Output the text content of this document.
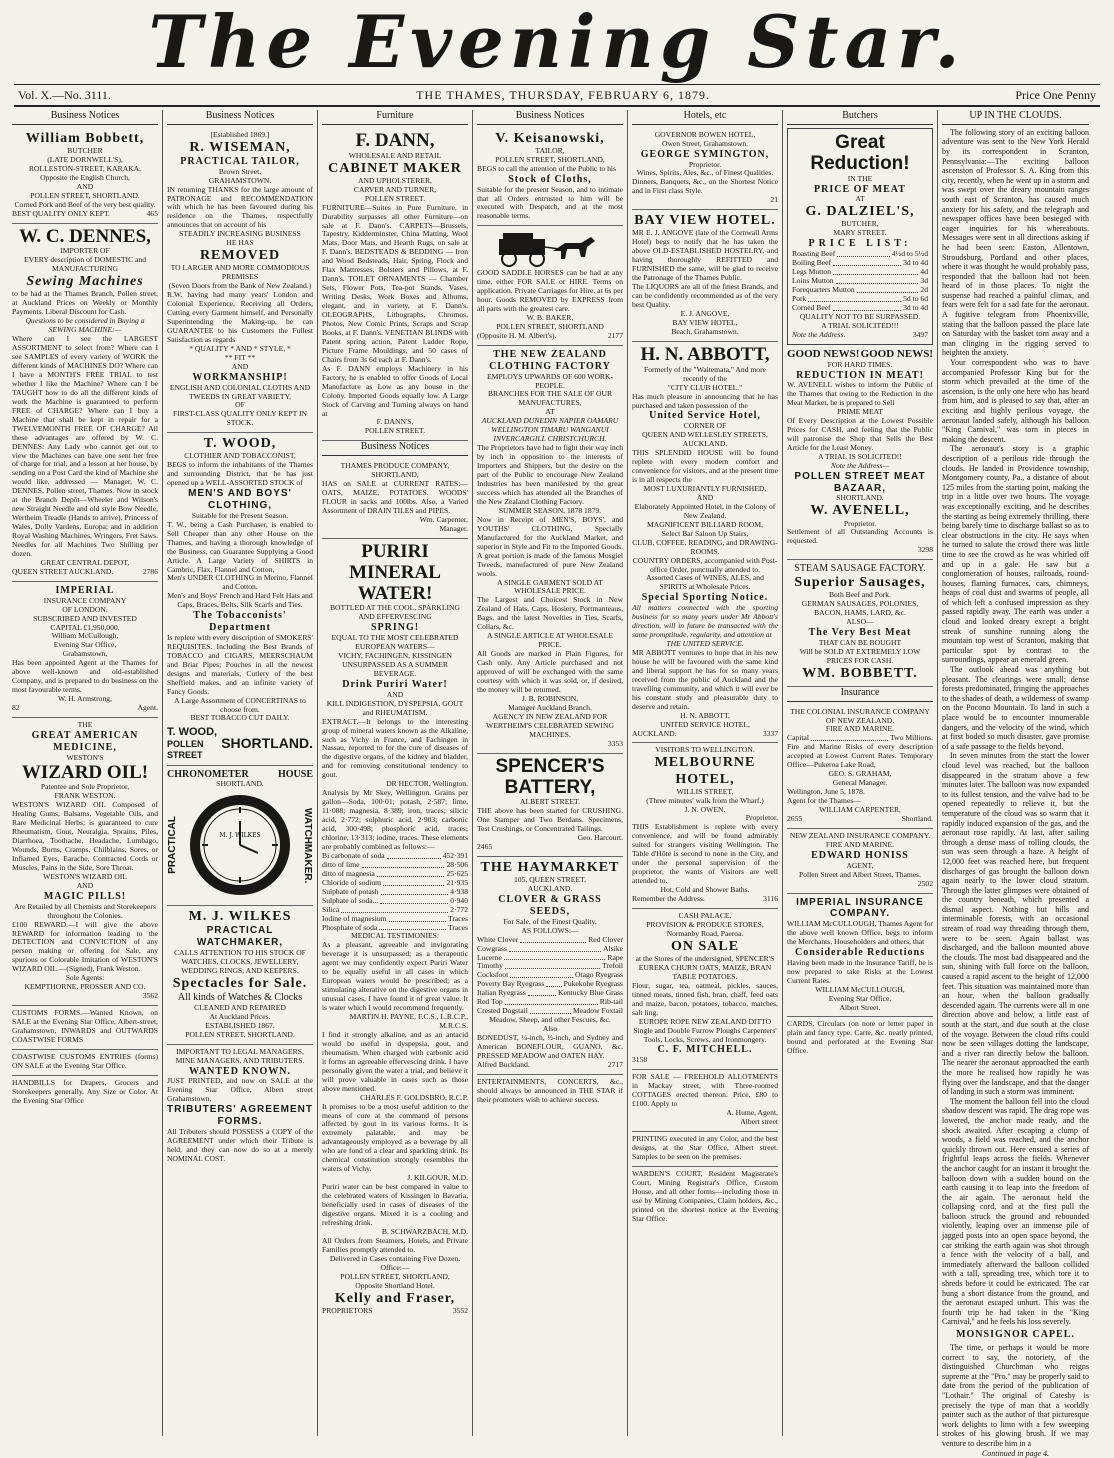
The Evening Star.
Vol. X.—No. 3111.	THE THAMES, THURSDAY, FEBRUARY 6, 1879.	Price One Penny
Business Notices
William Bobbett,
BUTCHER
(LATE DORNWELL'S),
ROLLESTON-STREET, KARAKA,
Opposite the English Church,
AND
POLLEN STREET, SHORTLAND.
Corned Pork and Beef of the very best quality.
BEST QUALITY ONLY KEPT.	465
W. C. DENNES,
IMPORTER OF
EVERY description of DOMESTIC and MANUFACTURING
Sewing Machines
to be had at the Thames Branch, Pollen street, at Auckland Prices on Weekly or Monthly Payments. Liberal Discount for Cash.
Questions to be considered in Buying a SEWING MACHINE:—
Where can I see the LARGEST ASSORTMENT to select from? Where can I see SAMPLES of every variety of WORK the different kinds of MACHINES DO? Where can I have a MONTH'S FREE TRIAL to test whether I like the Machine? Where can I be TAUGHT how to do all the different kinds of work the Machine is guaranteed to perform FREE of CHARGE? Where can I buy a Machine that shall be kept in repair for a TWELVEMONTH FREE OF CHARGE? All these advantages are offered by W. C. DENNES: Any Lady who cannot get out to view the Machines can have one sent her free of charge for trial, and a lesson at her house, by sending on a Post Card the kind of Machine she would like, addressed — Manager, W. C. DENNES, Pollen street, Thames. Now in stock at the Branch Depôt—Wheeler and Wilson's new Straight Needle and old style Bow Needle, Wertheim Treadle (Hands to arrive), Princess of Wales, Dolly Vardens, Europa; and in addition Royal Washing Machines, Wringers, Fret Saws. Needles for all Machines Two Shilling per dozen.
GREAT CENTRAL DEPOT,
QUEEN STREET AUCKLAND.	2786
IMPERIAL
INSURANCE COMPANY
OF LONDON.
SUBSCRIBED AND INVESTED
CAPITAL £1,950,000.
William McCullough,
Evening Star Office,
Grahamstown,
Has been appointed Agent at the Thames for above well-known and old-established Company, and is prepared to do business on the most favourable terms.
W. H. Armstrong,
82	Agent.
THE
GREAT AMERICAN MEDICINE,
WESTON'S
WIZARD OIL!
Patentee and Sole Proprietor,
FRANK WESTON.
WESTON'S WIZARD OIL Composed of Healing Gums, Balsams, Vegetable Oils, and Rare Medicinal Herbs; is guaranteed to cure Rheumatism, Gout, Neuralgia, Sprains, Piles, Diarrhoea, Toothache, Headache, Lumbago, Wounds, Burns, Cramps, Chilblains, Sores, or Inflamed Eyes, Earache, Contracted Cords or Muscles, Pains in the Side, Sore Throat.
WESTON'S WIZARD OIL
AND
MAGIC PILLS!
Are Retailed by all Chemists and Storekeepers throughout the Colonies.
£100 REWARD.—I will give the above REWARD for information leading to the DETECTION and CONVICTION of any person making or offering for Sale, any spurious or Colorable Imitation of WESTON'S WIZARD OIL.—(Signed), Frank Weston.
Sole Agents:
KEMPTHORNE, PROSSER AND CO.
3562
CUSTOMS FORMS.—Wanted Known, on SALE at the Evening Star Office, Albert-street, Grahamstown, INWARDS and OUTWARDS COASTWISE FORMS
COASTWISE CUSTOMS ENTRIES (forms) ON SALE at the Evening Star Office.
HANDBILLS for Drapers, Grocers and Storekeepers generally. Any Size or Color. At the Evening Star Office
Business Notices
[Established 1869.]
R. WISEMAN,
PRACTICAL TAILOR,
Brown Street,
GRAHAMSTOWN.
IN returning THANKS for the large amount of PATRONAGE and RECOMMENDATION with which he has been favoured during his residence on the Thames, respectfully announces that on account of his
STEADILY INCREASING BUSINESS
HE HAS
REMOVED
TO LARGER AND MORE COMMODIOUS PREMISES
(Seven Doors from the Bank of New Zealand.)
R.W. having had many years' London and Colonial Experience, Receiving all Orders, Cutting every Garment himself, and Personally Superintending the Making-up, he can GUARANTEE to his Customers the Fullest Satisfaction as regards
* QUALITY * AND * STYLE, *
** FIT **
AND
WORKMANSHIP!
ENGLISH AND COLONIAL CLOTHS AND TWEEDS IN GREAT VARIETY,
OF
FIRST-CLASS QUALITY ONLY KEPT IN STOCK.
T. WOOD,
CLOTHIER AND TOBACCONIST,
BEGS to inform the inhabitants of the Thames and surrounding District, that he has just opened up a WELL-ASSORTED STOCK of
MEN'S AND BOYS' CLOTHING,
Suitable for the Present Season.
T. W., being a Cash Purchaser, is enabled to Sell Cheaper than any other House on the Thames, and having a thorough knowledge of the Business, can Guarantee Supplying a Good Article. A Large Variety of SHIRTS in Cambric, Flax, Flannel and Cotton,
Men's UNDER CLOTHING in Merino, Flannel and Cotton.
Men's and Boys' French and Hard Felt Hats and Caps, Braces, Belts, Silk Scarfs and Ties.
The Tobacconists' Department
Is replete with every description of SMOKERS' REQUISITES. Including the Best Brands of TOBACCO and CIGARS, MEERSCHAUM and Briar Pipes; Pouches in all the newest designs and materials, Cutlery of the best Sheffield makes, and an infinite variety of Fancy Goods.
A Large Assortment of CONCERTINAS to choose from.
BEST TOBACCO CUT DAILY.
T. WOOD,
POLLEN STREET
SHORTLAND.
CHRONOMETER	HOUSE
SHORTLAND.
PRACTICAL	M. J. WILKES	WATCHMAKER.
M. J. WILKES
PRACTICAL WATCHMAKER,
CALLS ATTENTION TO HIS STOCK OF
WATCHES, CLOCKS, JEWELLERY, WEDDING RINGS, AND KEEPERS.
Spectacles for Sale.
All kinds of Watches & Clocks
CLEANED AND REPAIRED
At Auckland Prices.
ESTABLISHED 1867.
POLLEN STREET, SHORTLAND.
IMPORTANT TO LEGAL MANAGERS, MINE MANAGERS, AND TRIBUTERS.
WANTED KNOWN.
JUST PRINTED, and now on SALE at the Evening Star Office, Albert street Grahamstown,
TRIBUTERS' AGREEMENT FORMS.
All Tributers should POSSESS a COPY of the AGREEMENT under which their Tribute is held, and they can now do so at a merely NOMINAL COST.
Furniture
F. DANN,
WHOLESALE AND RETAIL
CABINET MAKER
AND UPHOLSTERER,
CARVER AND TURNER,
POLLEN STREET.
FURNITURE—Suites in Pure Furniture, in Durability surpasses all other Furniture—on sale at F. Dann's. CARPETS—Brussels, Tapestry, Kidderminster, China Matting, Wool Mats, Door Mats, and Hearth Rugs, on sale at F. Dann's. BEDSTEADS & BEDDING — Iron and Wood Bedsteads, Hair, Spring, Flock and Flax Mattresses, Bolsters and Pillows, at F. Dann's. TOILET ORNAMENTS — Chamber Sets, Flower Pots, Tea-pot Stands, Vases, Writing Desks, Work Boxes and Albums, elegant, and in variety, at F. Dann's. OLEOGRAPHS, Lithographs, Chromos, Photos, New Comic Prints, Scraps and Scrap Books, at F. Dann's. VENETIAN BLINDS with Patent spring action, Patent Ladder Rope, Picture Frame Mouldings, and 50 cases of Chairs from 3s 6d each at F. Dann's.
As F. DANN employs Machinery in his Factory, he is enabled to offer Goods of Local Manufacture as Low as any house in the Colony. Imported Goods equally low. A Large Stock of Carving and Turning always on hand at
F. DANN'S,
POLLEN STREET.
Business Notices
THAMES PRODUCE COMPANY,
SHORTLAND,
HAS on SALE at CURRENT RATES:— OATS, MAIZE, POTATOES. WOODS' FLOUR in sacks and 100lbs. Also, a Varied Assortment of DRAIN TILES and PIPES.
Wm. Carpenter,
Manager.
PURIRI MINERAL
WATER!
BOTTLED AT THE COOL, SPARKLING AND EFFERVESCING
SPRING!
EQUAL TO THE MOST CELEBRATED EUROPEAN WATERS—
VICHY, FACHINGEN, KISSINGEN
UNSURPASSED AS A SUMMER BEVERAGE.
Drink Puriri Water!
AND
KILL INDIGESTION, DYSPEPSIA, GOUT and RHEUMATISM.
EXTRACT.—It belongs to the interesting group of mineral waters known as the Alkaline, such as Vichy in France, and Fachingen in Nassau, reported to for the cure of diseases of the digestive organs, of the kidney and bladder, and for removing constitutional tendency to gout.
DR HECTOR, Wellington.
Analysis by Mr Skey, Wellington. Grains per gallon—Soda, 100·01; potash, 2·587; lime, 11·088; magnesia, 8·389; iron, traces; silicic acid, 2·772; sulphuric acid, 2·903; carbonic acid, 300·498; phosphoric acid, traces; chlorine, 13·313; iodine, traces. These elements are probably combined as follows:—
Bi carbonate of soda	452·391
ditto of lime	28·506
ditto of magnesia	25·625
Chloride of sodium	21·935
Sulphate of potash	4·938
Sulphate of soda...	0·940
Silica	2·772
Iodine of magnesium	Traces
Phosphate of soda	Traces
MEDICAL TESTIMONIES:
As a pleasant, agreeable and invigorating beverage it is unsurpassed; as a therapeutic agent we may confidently expect Puriri Water to be equally useful in all cases in which European waters would be prescribed; as a stimulating alterative on the digestive organs in unusual cases, I have found it of great value. It is water which I would recommend frequently.
MARTIN H. PAYNE, F.C.S., L.R.C.P., M.R.C.S.
I find it strongly alkaline, and as an antacid would be useful in dyspepsia, gout, and rheumatism. When charged with carbonic acid it forms an agreeable effervescing drink. I have personally given the water a trial, and believe it will prove valuable in cases such as those above mentioned.
CHARLES F. GOLDSBRO, R.C.P.
It promises to be a most useful addition to the means of cure at the command of persons affected by gout in its various forms. It is extremely palatable, and may be advantageously employed as a beverage by all who are fond of a clear and sparkling drink. Its chemical constitution strongly resembles the waters of Vichy.
J. KILGOUR, M.D.
Puriri water can be best compared in value to the celebrated waters of Kissingen in Bavaria, beneficially used in cases of diseases of the digestive organs. Mixed it is a cooling and refreshing drink.
B. SCHWARZBACH, M.D.
All Orders from Steamers, Hotels, and Private Families promptly attended to.
Delivered in Cases containing Five Dozen.
Office:—
POLLEN STREET, SHORTLAND,
Opposite Shortland Hotel.
Kelly and Fraser,
PROPRIETORS	3552
Business Notices
V. Keisanowski,
TAILOR,
POLLEN STREET, SHORTLAND,
BEGS to call the attention of the Public to his
Stock of Cloths,
Suitable for the present Season, and to intimate that all Orders entrusted to him will be executed with Despatch, and at the most reasonable terms.
GOOD SADDLE HORSES can be had at any time, either FOR SALE or HIRE. Terms on application. Private Carriages for Hire, at 6s per hour. Goods REMOVED by EXPRESS from all parts with the greatest care.
W. B. BAKER,
POLLEN STREET, SHORTLAND
(Opposite H. M. Albert's).	2177
THE NEW ZEALAND
CLOTHING FACTORY
EMPLOYS UPWARDS OF 600 WORK-PEOPLE.
BRANCHES FOR THE SALE OF OUR MANUFACTURES,
AT
AUCKLAND DUNEDIN NAPIER OAMARU WELLINGTON TIMARU WANGANUI INVERCARGILL CHRISTCHURCH.
The Proprietors have had to fight their way inch by inch in opposition to the interests of Importers and Shippers, but the desire on the part of the Public to encourage New Zealand Industries has been manifested by the great success which has attended all the Branches of the New Zealand Clothing Factory.
SUMMER SEASON, 1878 1879.
Now in Receipt of MEN'S, BOYS', and YOUTHS' CLOTHING, Specially Manufactured for the Auckland Market, and superior in Style and Fit to the Imported Goods. A great portion is made of the famous Mosgiel Tweeds, manufactured of pure New Zealand wools.
A SINGLE GARMENT SOLD AT WHOLESALE PRICE.
The Largest and Choicest Stock in New Zealand of Hats, Caps, Hosiery, Portmanteaus, Bags, and the latest Novelties in Ties, Scarfs, Collars, &c.
A SINGLE ARTICLE AT WHOLESALE PRICE.
All Goods are marked in Plain Figures, for Cash only. Any Article purchased and not approved of will be exchanged with the same courtesy with which it was sold, or, if desired, the money will be returned.
J. B. ROBINSON,
Manager Auckland Branch.
AGENCY IN NEW ZEALAND FOR WERTHEIM'S CELEBRATED SEWING MACHINES.
3353
SPENCER'S
BATTERY,
ALBERT STREET.
THE above has been started for CRUSHING. One Stamper and Two Berdans. Specimens, Test Crushings, or Concentrated Tailings.
Geo. Harcourt.
2465
THE HAYMARKET
105, QUEEN STREET,
AUCKLAND.
CLOVER & GRASS SEEDS,
For Sale, of the Finest Quality,
AS FOLLOWS:—
White Clover	Red Clover
Cowgrass	Alsike
Lucerne	Rape
Timothy	Trefoil
Cocksfoot	Otago Ryegrass
Poverty Bay Ryegrass	Pukekohe Ryegrass
Italian Ryegrass	Kentucky Blue Grass
Red Top	Rib-tail
Crested Dogstail	Meadow Foxtail
Meadow, Sheep, and other Fescues, &c.
Also
BONEDUST, ¼-inch, ½-inch, and Sydney and American BONEFLOUR, GUANO, &c. PRESSED MEADOW and OATEN HAY.
Alfred Buckland.	2717
ENTERTAINMENTS, CONCERTS, &c., should always be announced in THE STAR if their promoters wish to achieve success.
Hotels, etc
GOVERNOR BOWEN HOTEL,
Owen Street, Grahamstown.
GEORGE SYMINGTON,
Proprietor.
Wines, Spirits, Ales, &c., of Finest Qualities.
Dinners, Banquets, &c., on the Shortest Notice and in First class Style.
21
BAY VIEW HOTEL.
MR E. J. ANGOVE (late of the Cornwall Arms Hotel) begs to notify that he has taken the above OLD-ESTABLISHED HOSTELRY, and having thoroughly REFITTED and FURNISHED the same, will be glad to receive the Patronage of the Thames Public.
The LIQUORS are all of the finest Brands, and can be confidently recommended as of the very best Quality.
E. J. ANGOVE,
BAY VIEW HOTEL,
Beach, Grahamstown.
H. N. ABBOTT,
Formerly of the "Waitemata," And more recently of the
"CITY CLUB HOTEL."
Has much pleasure in announcing that he has purchased and taken possession of the
United Service Hotel,
CORNER OF
QUEEN AND WELLESLEY STREETS,
AUCKLAND.
THIS SPLENDID HOUSE will be found replete with every modern comfort and convenience for visitors, and at the present time is in all respects the
MOST LUXURIANTLY FURNISHED,
AND
Elaborately Appointed Hotel, in the Colony of New Zealand.
MAGNIFICENT BILLIARD ROOM,
Select Bar Saloon Up Stairs,
CLUB, COFFEE, READING, and DRAWING-ROOMS.
COUNTRY ORDERS, accompanied with Post-office Order, punctually attended to.
Assorted Cases of WINES, ALES, and SPIRITS at Wholesale Prices.
Special Sporting Notice.
All matters connected with the sporting business for so many years under Mr Abbott's direction, will in future be transacted with the same promptitude, regularity, and attention at
THE UNITED SERVICE.
MR ABBOTT ventures to hope that in his new house he will be favoured with the same kind and liberal support he has for so many years received from the public of Auckland and the travelling community, and which it will ever be his constant study and pleasurable duty to deserve and retain.
H. N. ABBOTT,
UNITED SERVICE HOTEL,
AUCKLAND.	3337
VISITORS TO WELLINGTON.
MELBOURNE HOTEL,
WILLIS STREET,
(Three minutes' walk from the Wharf.)
J. N. OWEN,
Proprietor.
THIS Establishment is replete with every convenience, and will be found admirably suited for strangers visiting Wellington. The Table d'Hôte is second to none in the City, and under the personal supervision of the proprietor, the wants of Visitors are well attended to.
Hot, Cold and Shower Baths.
Remember the Address.	3116
CASH PALACE.
PROVISION & PRODUCE STORES,
Normanby Road, Paeroa.
ON SALE
at the Stores of the undersigned, SPENCER'S EUREKA CHURN OATS, MAIZE, BRAN TABLE POTATOES.
Flour, sugar, tea, oatmeal, pickles, sauces, tinned meats, tinned fish, bran, chaff, feed oats and maize, bacon, potatoes, tobacco, matches, salt ling.
EUROPE ROPE NEW ZEALAND DITTO
Single and Double Furrow Ploughs Carpenters' Tools, Locks, Screws, and Ironmongery.
C. F. MITCHELL.
3158
FOR SALE — FREEHOLD ALLOTMENTS in Mackay street, with Three-roomed COTTAGES erected thereon. Price, £80 to £100. Apply to
A. Hume, Agent,
Albert street
PRINTING executed in any Color, and the best designs, at the Star Office, Albert street. Samples to be seen on the premises.
WARDEN'S COURT, Resident Magistrate's Court, Mining Registrar's Office, Custom House, and all other forms—including those in use by Mining Companies, Claim holders, &c., printed on the shortest notice at the Evening Star Office.
Butchers
Great Reduction!
IN THE
PRICE OF MEAT
AT
G. DALZIEL'S,
BUTCHER,
MARY STREET.
PRICE LIST:
Roasting Beef	4½d to 5½d
Boiling Beef	3d to 4d
Legs Mutton	4d
Loins Mutton	3d
Forequarters Mutton	2d
Pork	5d to 6d
Corned Beef	3d to 4d
QUALITY NOT TO BE SURPASSED.
A TRIAL SOLICITED!!!
Note the Address.	3497
GOOD NEWS! GOOD NEWS!
FOR HARD TIMES.
REDUCTION IN MEAT!
W. AVENELL wishes to inform the Public of the Thames that owing to the Reduction in the Meat Market, he is prepared to Sell
PRIME MEAT
Of Every Description at the Lowest Possible Prices for CASH, and feeling that the Public will patronise the Shop that Sells the Best Article for the Least Money.
A TRIAL IS SOLICITED!!
Note the Address—
POLLEN STREET MEAT BAZAAR,
SHORTLAND.
W. AVENELL,
Proprietor.
Settlement of all Outstanding Accounts is requested.
3298
STEAM SAUSAGE FACTORY.
Superior Sausages,
Both Beef and Pork.
GERMAN SAUSAGES, POLONIES,
BACON, HAMS, LARD, &c.
ALSO—
The Very Best Meat
THAT CAN BE BOUGHT
Will be SOLD AT EXTREMELY LOW
PRICES FOR CASH.
WM. BOBBETT.
Insurance
THE COLONIAL INSURANCE COMPANY OF NEW ZEALAND.
FIRE AND MARINE.
Capital	Two Millions.
Fire and Marine Risks of every description accepted at Lowest Current Rates. Temporary Office—Pukeroa Lake Road,
GEO. S. GRAHAM,
General Manager.
Wellington, June 5, 1878.
Agent for the Thames—
WILLIAM CARPENTER,
2655	Shortland.
NEW ZEALAND INSURANCE COMPANY.
FIRE AND MARINE.
EDWARD HONISS
AGENT,
Pollen Street and Albert Street, Thames.
2502
IMPERIAL INSURANCE
COMPANY.
WILLIAM McCULLOUGH, Thames Agent for the above well known Office, begs to inform the Merchants, Householders and others, that
Considerable Reductions
Having been made in the Insurance Tariff, he is now prepared to take Risks at the Lowest Current Rates.
WILLIAM McCULLOUGH,
Evening Star Office,
Albert Street.
CARDS, Circulars (on note or letter paper in plain and fancy type. Carte, &c. neatly printed, bound and perforated at the Evening Star Office.
UP IN THE CLOUDS.

The following story of an exciting balloon adventure was sent to the New York Herald by its correspondent in Scranton, Pennsylvania:—The exciting balloon ascension of Professor S. A. King from this city, recently, when he went up in a storm and was swept over the dreary mountain ranges south east of Scranton, has caused much anxiety for his safety, and the telegraph and newspaper offices have been besieged with eager inquiries for his whereabouts. Messages were sent in all directions asking if he had been seen: Easton, Allentown, Stroudsburg, Portland and other places, where it was thought he would probably pass, responded that the balloon had not been heard of in those places. To night the suspense had reached a painful climax, and fears were felt for a sad fate for the aeronaut. A fugitive telegram from Phoenixville, stating that the balloon passed the place late on Saturday with the basket torn away and a man clinging in the rigging served to heighten the anxiety.

Your correspondent who was to have accompanied Professor King but for the storm which prevailed at the time of the ascension, is the only one here who has heard from him, and is pleased to say that, after an exciting and highly perilous voyage, the aeronaut landed safely, although his balloon "King Carnival," was torn in pieces in making the descent.

The aeronaut's story is a graphic description of a perilous ride through the clouds. He landed in Providence township, Montgomery county, Pa., a distance of about 125 miles from the starting point, making the trip in a little over two hours. The voyage was exceptionally exciting, and he describes the starting as being extremely thrilling, there being barely time to discharge ballast so as to clear obstructions in the city. He says when he turned to salute the crowd there was little time to see the crowd as he was whirled off and up in a gale. He saw but a conglomeration of houses, railroads, round-houses, flaming furnaces, cars, chimneys, heaps of coal dust and swarms of people, all of which left a confused impression as they passed rapidly away. The earth was under a cloud and looked dreary except a bright streak of sunshine running along the mountain top west of Scranton, making that particular spot by contrast to the surroundings, appear an emerald green.

The outlook ahead was anything but pleasant. The clearings were small; dense forests predominated, fringing the approaches to the shades of death, a wilderness of swamp on the Pocono Mountain. To land in such a place would be to encounter innumerable dangers, and the velocity of the wind, which at first boded so much disaster, gave promise of a safe passage to the fields beyond.

In seven minutes from the start the lower cloud level was reached, but the balloon disappeared in the stratum above a few minutes later. The balloon was now expanded to its fullest tension, and the valve had to be opened repeatedly to relieve it, but the temperature of the cloud was so warm that it rapidly induced expansion of the gas, and the aeronaut rose rapidly. At last, after sailing through a dense mass of rolling clouds, the sun was seen through a haze. A height of 12,000 feet was reached here, but frequent discharges of gas brought the balloon down again nearly to the lower cloud stratum. Through the latter glimpses were obtained of the country beneath, which presented a dismal aspect. Nothing but hills and interminable forests, with an occasional stream of road way threading through them, were to be seen. Again ballast was discharged, and the balloon mounted above the clouds. The most bad disappeared and the sun, shining with full force on the balloon, caused a rapid ascent to the height of 12,000 feet. This situation was maintained more than an hour, when the balloon gradually descended again. The currents were all in one direction above and below, a little east of south at the start, and due south at the close of the voyage. Between the cloud rifts could now be seen villages dotting the landscape, and a river ran directly below the balloon. The nearer the aeronaut approached the earth the more he realised how rapidly he was flying over the landscape, and that the danger of landing in such a storm was imminent.

The moment the balloon fell into the cloud shadow descent was rapid. The drag rope was lowered, the anchor made ready, and the shock awaited. After escaping a clump of woods, a field was reached, and the anchor quickly thrown out. Here ensued a series of frightful leaps across the fields. Whenever the anchor caught for an instant it brought the balloon down with a sudden bound on the earth causing it to leap into the freedom of the air again. The aeronaut held the collapsing cord, and at the first pull the balloon struck the ground and rebounded violently, leaping over an immense pile of jagged posts into an open space beyond, the car striking the earth again was shot through a fence with the velocity of a ball, and immediately afterward the balloon collided with a tall, spreading tree, which tore it to shreds before it could be extricated. The car hung a short distance from the ground, and the aeronaut escaped unhurt. This was the fourth trip he had taken in the "King Carnival," and he feels his loss severely.

MONSIGNOR CAPEL.

The time, or perhaps it would be more correct to say, the notoriety, of the distinguished Churchman who reigns supreme at the "Pro." may be properly said to date from the period of the publication of "Lothair." The original of Catesby is precisely the type of man that a worldly painter such as the author of that picturesque work delights to limn with a few sweeping strokes of his glowing brush. If we may venture to describe him in a

Continued in page 4.
